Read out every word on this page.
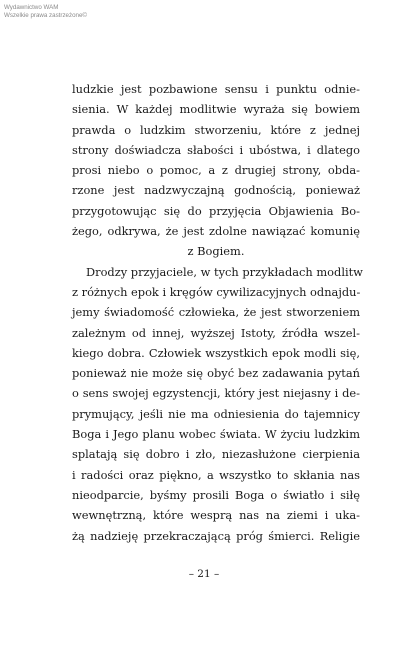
Wydawnictwo WAM
Wszelkie prawa zastrzeżone©
ludzkie jest pozbawione sensu i punktu odnie-
sienia. W każdej modlitwie wyraża się bowiem
prawda o ludzkim stworzeniu, które z jednej
strony doświadcza słabości i ubóstwa, i dlatego
prosi niebo o pomoc, a z drugiej strony, obda-
rzone jest nadzwyczajną godnością, ponieważ
przygotowując się do przyjęcia Objawienia Bo-
żego, odkrywa, że jest zdolne nawiązać komunię
z Bogiem.
Drodzy przyjaciele, w tych przykładach modlitw
z różnych epok i kręgów cywilizacyjnych odnajdu-
jemy świadomość człowieka, że jest stworzeniem
zależnym od innej, wyższej Istoty, źródła wszel-
kiego dobra. Człowiek wszystkich epok modli się,
ponieważ nie może się obyć bez zadawania pytań
o sens swojej egzystencji, który jest niejasny i de-
prymujący, jeśli nie ma odniesienia do tajemnicy
Boga i Jego planu wobec świata. W życiu ludzkim
splatają się dobro i zło, niezasłużone cierpienia
i radości oraz piękno, a wszystko to skłania nas
nieodparcie, byśmy prosili Boga o światło i siłę
wewnętrzną, które wesprą nas na ziemi i uka-
żą nadzieję przekraczającą próg śmierci. Religie
– 21 –
